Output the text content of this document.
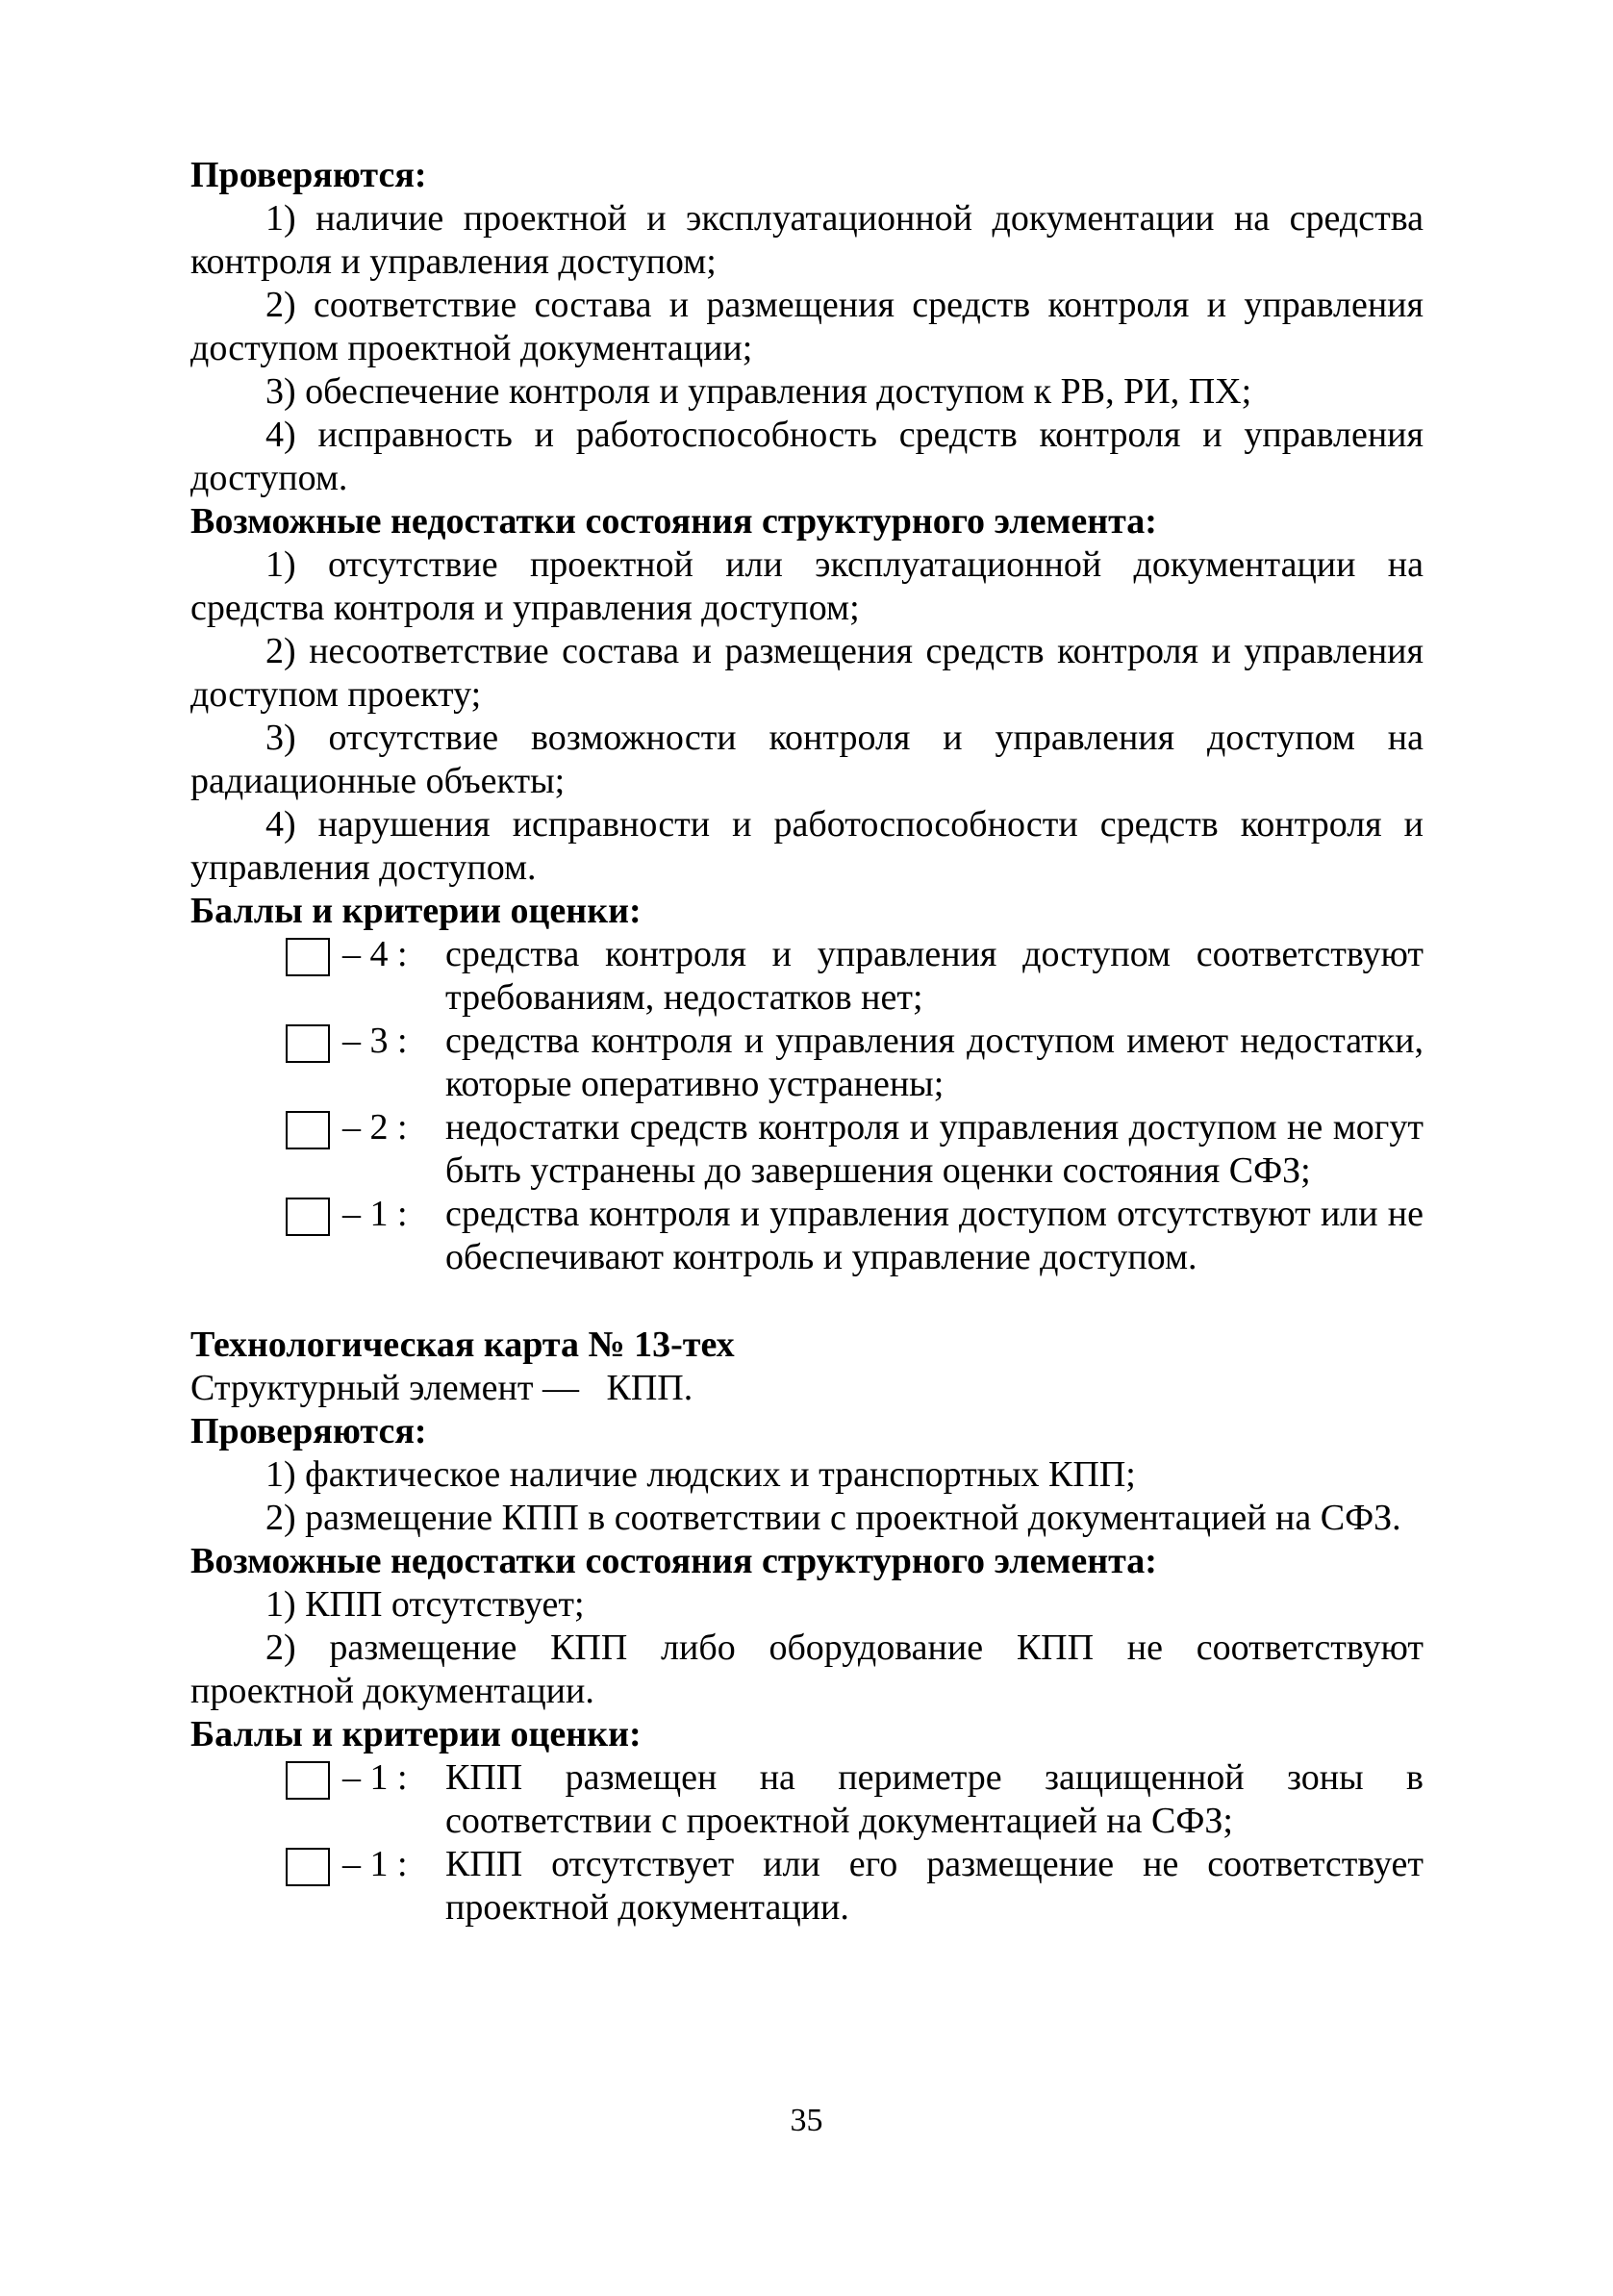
Проверяются:
1) наличие проектной и эксплуатационной документации на средства контроля и управления доступом;
2) соответствие состава и размещения средств контроля и управления доступом проектной документации;
3) обеспечение контроля и управления доступом к РВ, РИ, ПХ;
4) исправность и работоспособность средств контроля и управления доступом.
Возможные недостатки состояния структурного элемента:
1) отсутствие проектной или эксплуатационной документации на средства контроля и управления доступом;
2) несоответствие состава и размещения средств контроля и управления доступом проекту;
3) отсутствие возможности контроля и управления доступом на радиационные объекты;
4) нарушения исправности и работоспособности средств контроля и управления доступом.
Баллы и критерии оценки:
– 4 : средства контроля и управления доступом соответствуют требованиям, недостатков нет;
– 3 : средства контроля и управления доступом имеют недостатки, которые оперативно устранены;
– 2 : недостатки средств контроля и управления доступом не могут быть устранены до завершения оценки состояния СФЗ;
– 1 : средства контроля и управления доступом отсутствуют или не обеспечивают контроль и управление доступом.
Технологическая карта № 13-тех
Структурный элемент —   КПП.
Проверяются:
1) фактическое наличие людских и транспортных КПП;
2) размещение КПП в соответствии с проектной документацией на СФЗ.
Возможные недостатки состояния структурного элемента:
1) КПП отсутствует;
2) размещение КПП либо оборудование КПП не соответствуют проектной документации.
Баллы и критерии оценки:
– 1 : КПП размещен на периметре защищенной зоны в соответствии с проектной документацией на СФЗ;
– 1 : КПП отсутствует или его размещение не соответствует проектной документации.
35
